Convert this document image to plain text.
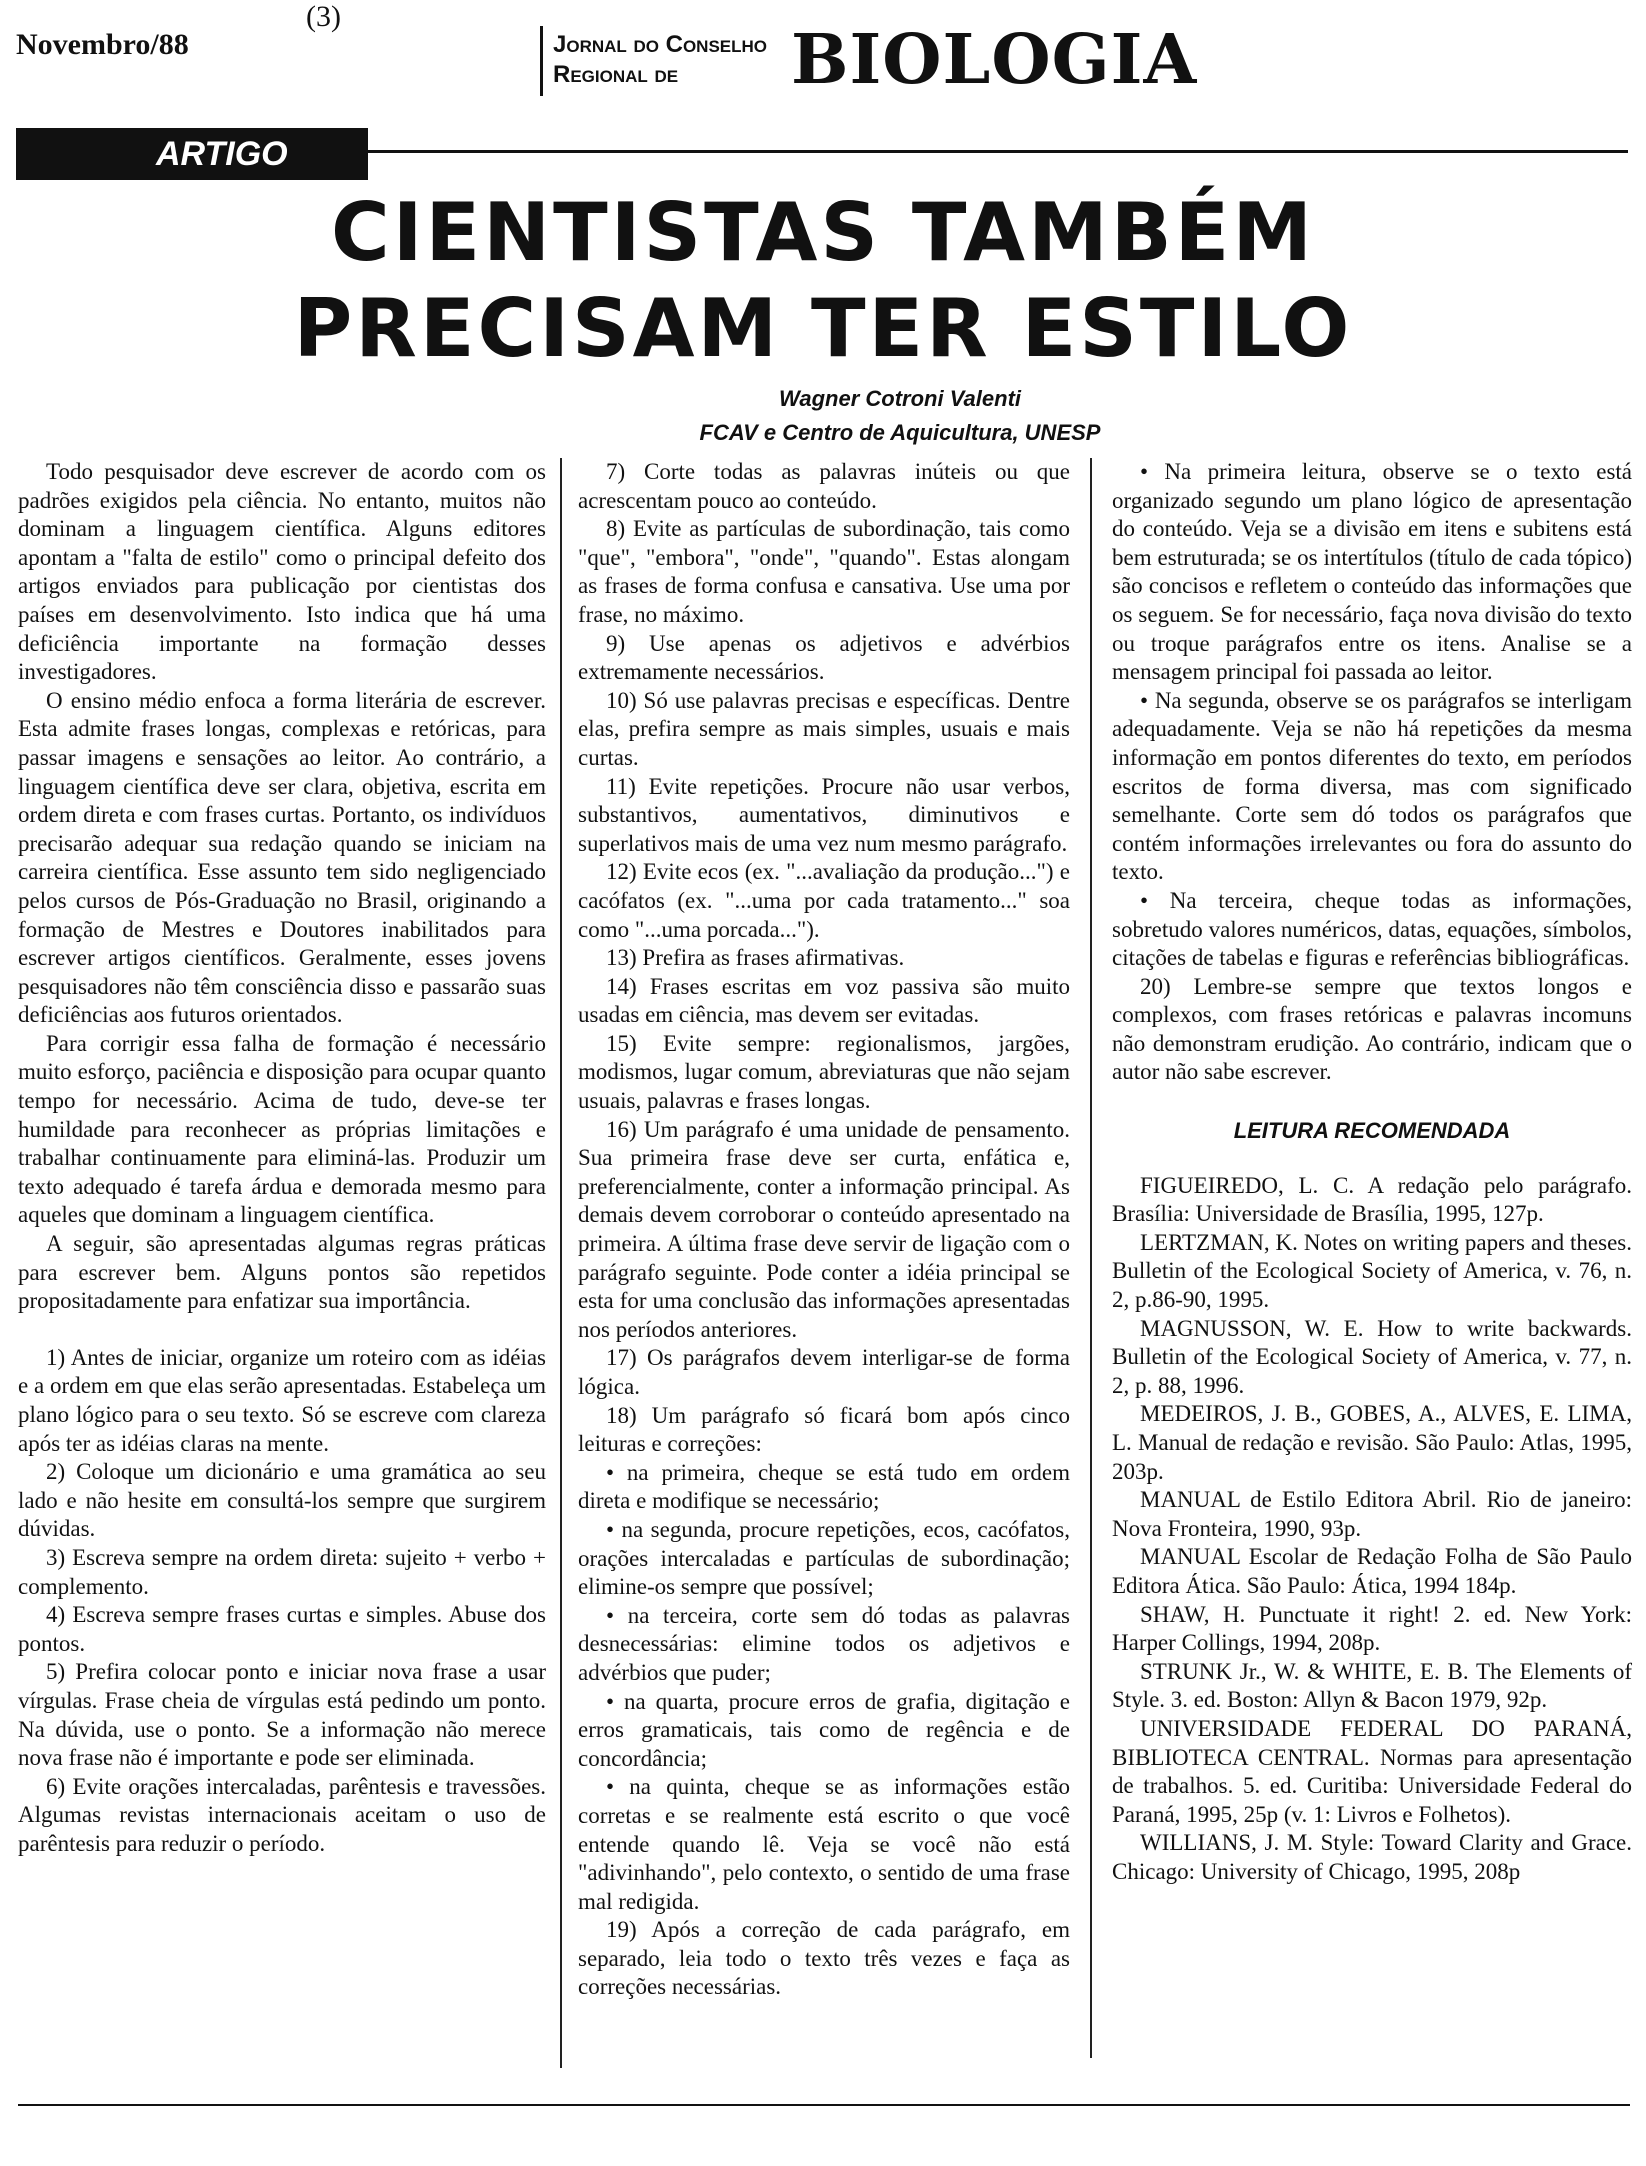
Novembro/88
(3)
Jornal do Conselho
Regional de	BIOLOGIA
ARTIGO
CIENTISTAS TAMBÉM
PRECISAM TER ESTILO
Wagner Cotroni Valenti
FCAV e Centro de Aquicultura, UNESP

Todo pesquisador deve escrever de acordo com os padrões exigidos pela ciência. No entanto, muitos não dominam a linguagem científica. Alguns editores apontam a "falta de estilo" como o principal defeito dos artigos enviados para publicação por cientistas dos países em desenvolvimento. Isto indica que há uma deficiência importante na formação desses investigadores.

O ensino médio enfoca a forma literária de escrever. Esta admite frases longas, complexas e retóricas, para passar imagens e sensações ao leitor. Ao contrário, a linguagem científica deve ser clara, objetiva, escrita em ordem direta e com frases curtas. Portanto, os indivíduos precisarão adequar sua redação quando se iniciam na carreira científica. Esse assunto tem sido negligenciado pelos cursos de Pós-Graduação no Brasil, originando a formação de Mestres e Doutores inabilitados para escrever artigos científicos. Geralmente, esses jovens pesquisadores não têm consciência disso e passarão suas deficiências aos futuros orientados.

Para corrigir essa falha de formação é necessário muito esforço, paciência e disposição para ocupar quanto tempo for necessário. Acima de tudo, deve-se ter humildade para reconhecer as próprias limitações e trabalhar continuamente para eliminá-las. Produzir um texto adequado é tarefa árdua e demorada mesmo para aqueles que dominam a linguagem científica.

A seguir, são apresentadas algumas regras práticas para escrever bem. Alguns pontos são repetidos propositadamente para enfatizar sua importância.

1) Antes de iniciar, organize um roteiro com as idéias e a ordem em que elas serão apresentadas. Estabeleça um plano lógico para o seu texto. Só se escreve com clareza após ter as idéias claras na mente.

2) Coloque um dicionário e uma gramática ao seu lado e não hesite em consultá-los sempre que surgirem dúvidas.

3) Escreva sempre na ordem direta: sujeito + verbo + complemento.

4) Escreva sempre frases curtas e simples. Abuse dos pontos.

5) Prefira colocar ponto e iniciar nova frase a usar vírgulas. Frase cheia de vírgulas está pedindo um ponto. Na dúvida, use o ponto. Se a informação não merece nova frase não é importante e pode ser eliminada.

6) Evite orações intercaladas, parêntesis e travessões. Algumas revistas internacionais aceitam o uso de parêntesis para reduzir o período.

7) Corte todas as palavras inúteis ou que acrescentam pouco ao conteúdo.

8) Evite as partículas de subordinação, tais como "que", "embora", "onde", "quando". Estas alongam as frases de forma confusa e cansativa. Use uma por frase, no máximo.

9) Use apenas os adjetivos e advérbios extremamente necessários.

10) Só use palavras precisas e específicas. Dentre elas, prefira sempre as mais simples, usuais e mais curtas.

11) Evite repetições. Procure não usar verbos, substantivos, aumentativos, diminutivos e superlativos mais de uma vez num mesmo parágrafo.

12) Evite ecos (ex. "...avaliação da produção...") e cacófatos (ex. "...uma por cada tratamento..." soa como "...uma porcada...").

13) Prefira as frases afirmativas.

14) Frases escritas em voz passiva são muito usadas em ciência, mas devem ser evitadas.

15) Evite sempre: regionalismos, jargões, modismos, lugar comum, abreviaturas que não sejam usuais, palavras e frases longas.

16) Um parágrafo é uma unidade de pensamento. Sua primeira frase deve ser curta, enfática e, preferencialmente, conter a informação principal. As demais devem corroborar o conteúdo apresentado na primeira. A última frase deve servir de ligação com o parágrafo seguinte. Pode conter a idéia principal se esta for uma conclusão das informações apresentadas nos períodos anteriores.

17) Os parágrafos devem interligar-se de forma lógica.

18) Um parágrafo só ficará bom após cinco leituras e correções:

• na primeira, cheque se está tudo em ordem direta e modifique se necessário;

• na segunda, procure repetições, ecos, cacófatos, orações intercaladas e partículas de subordinação; elimine-os sempre que possível;

• na terceira, corte sem dó todas as palavras desnecessárias: elimine todos os adjetivos e advérbios que puder;

• na quarta, procure erros de grafia, digitação e erros gramaticais, tais como de regência e de concordância;

• na quinta, cheque se as informações estão corretas e se realmente está escrito o que você entende quando lê. Veja se você não está "adivinhando", pelo contexto, o sentido de uma frase mal redigida.

19) Após a correção de cada parágrafo, em separado, leia todo o texto três vezes e faça as correções necessárias.

• Na primeira leitura, observe se o texto está organizado segundo um plano lógico de apresentação do conteúdo. Veja se a divisão em itens e subitens está bem estruturada; se os intertítulos (título de cada tópico) são concisos e refletem o conteúdo das informações que os seguem. Se for necessário, faça nova divisão do texto ou troque parágrafos entre os itens. Analise se a mensagem principal foi passada ao leitor.

• Na segunda, observe se os parágrafos se interligam adequadamente. Veja se não há repetições da mesma informação em pontos diferentes do texto, em períodos escritos de forma diversa, mas com significado semelhante. Corte sem dó todos os parágrafos que contém informações irrelevantes ou fora do assunto do texto.

• Na terceira, cheque todas as informações, sobretudo valores numéricos, datas, equações, símbolos, citações de tabelas e figuras e referências bibliográficas.

20) Lembre-se sempre que textos longos e complexos, com frases retóricas e palavras incomuns não demonstram erudição. Ao contrário, indicam que o autor não sabe escrever.

LEITURA RECOMENDADA

FIGUEIREDO, L. C. A redação pelo parágrafo. Brasília: Universidade de Brasília, 1995, 127p.

LERTZMAN, K. Notes on writing papers and theses. Bulletin of the Ecological Society of America, v. 76, n. 2, p.86-90, 1995.

MAGNUSSON, W. E. How to write backwards. Bulletin of the Ecological Society of America, v. 77, n. 2, p. 88, 1996.

MEDEIROS, J. B., GOBES, A., ALVES, E. LIMA, L. Manual de redação e revisão. São Paulo: Atlas, 1995, 203p.

MANUAL de Estilo Editora Abril. Rio de janeiro: Nova Fronteira, 1990, 93p.

MANUAL Escolar de Redação Folha de São Paulo Editora Ática. São Paulo: Ática, 1994 184p.

SHAW, H. Punctuate it right! 2. ed. New York: Harper Collings, 1994, 208p.

STRUNK Jr., W. & WHITE, E. B. The Elements of Style. 3. ed. Boston: Allyn & Bacon 1979, 92p.

UNIVERSIDADE FEDERAL DO PARANÁ, BIBLIOTECA CENTRAL. Normas para apresentação de trabalhos. 5. ed. Curitiba: Universidade Federal do Paraná, 1995, 25p (v. 1: Livros e Folhetos).

WILLIANS, J. M. Style: Toward Clarity and Grace. Chicago: University of Chicago, 1995, 208p
